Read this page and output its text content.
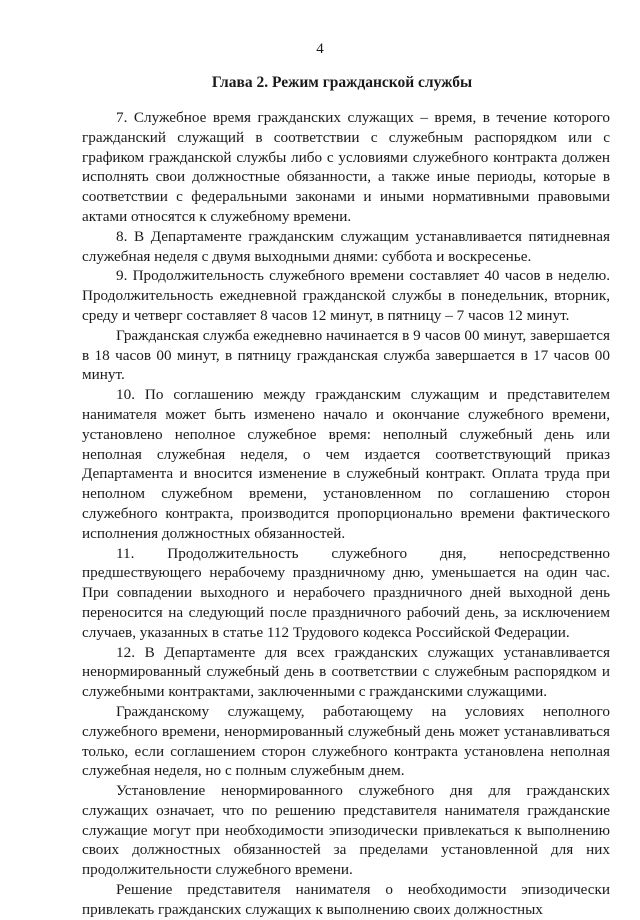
4
Глава 2. Режим гражданской службы

7. Служебное время гражданских служащих – время, в течение которого гражданский служащий в соответствии с служебным распорядком или с графиком гражданской службы либо с условиями служебного контракта должен исполнять свои должностные обязанности, а также иные периоды, которые в соответствии с федеральными законами и иными нормативными правовыми актами относятся к служебному времени.

8. В Департаменте гражданским служащим устанавливается пятидневная служебная неделя с двумя выходными днями: суббота и воскресенье.

9. Продолжительность служебного времени составляет 40 часов в неделю. Продолжительность ежедневной гражданской службы в понедельник, вторник, среду и четверг составляет 8 часов 12 минут, в пятницу – 7 часов 12 минут.

Гражданская служба ежедневно начинается в 9 часов 00 минут, завершается в 18 часов 00 минут, в пятницу гражданская служба завершается в 17 часов 00 минут.

10. По соглашению между гражданским служащим и представителем нанимателя может быть изменено начало и окончание служебного времени, установлено неполное служебное время: неполный служебный день или неполная служебная неделя, о чем издается соответствующий приказ Департамента и вносится изменение в служебный контракт. Оплата труда при неполном служебном времени, установленном по соглашению сторон служебного контракта, производится пропорционально времени фактического исполнения должностных обязанностей.

11. Продолжительность служебного дня, непосредственно предшествующего нерабочему праздничному дню, уменьшается на один час. При совпадении выходного и нерабочего праздничного дней выходной день переносится на следующий после праздничного рабочий день, за исключением случаев, указанных в статье 112 Трудового кодекса Российской Федерации.

12. В Департаменте для всех гражданских служащих устанавливается ненормированный служебный день в соответствии с служебным распорядком и служебными контрактами, заключенными с гражданскими служащими.

Гражданскому служащему, работающему на условиях неполного служебного времени, ненормированный служебный день может устанавливаться только, если соглашением сторон служебного контракта установлена неполная служебная неделя, но с полным служебным днем.

Установление ненормированного служебного дня для гражданских служащих означает, что по решению представителя нанимателя гражданские служащие могут при необходимости эпизодически привлекаться к выполнению своих должностных обязанностей за пределами установленной для них продолжительности служебного времени.

Решение представителя нанимателя о необходимости эпизодически привлекать гражданских служащих к выполнению своих должностных
